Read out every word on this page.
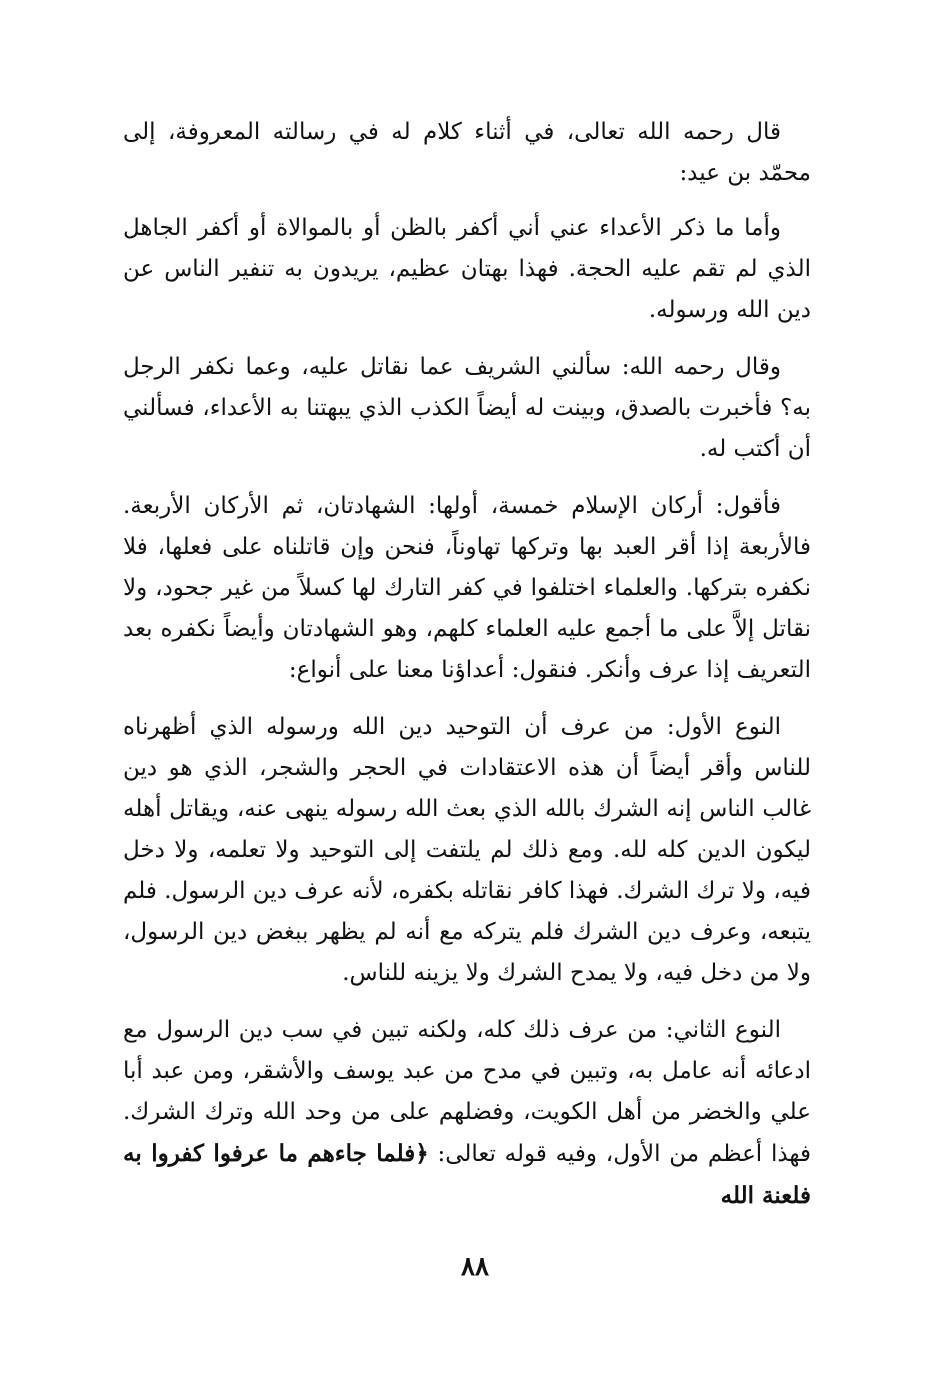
قال رحمه الله تعالى، في أثناء كلام له في رسالته المعروفة، إلى محمّد بن عيد:

وأما ما ذكر الأعداء عني أني أكفر بالظن أو بالموالاة أو أكفر الجاهل الذي لم تقم عليه الحجة. فهذا بهتان عظيم، يريدون به تنفير الناس عن دين الله ورسوله.

وقال رحمه الله: سألني الشريف عما نقاتل عليه، وعما نكفر الرجل به؟ فأخبرت بالصدق، وبينت له أيضاً الكذب الذي يبهتنا به الأعداء، فسألني أن أكتب له.

فأقول: أركان الإسلام خمسة، أولها: الشهادتان، ثم الأركان الأربعة. فالأربعة إذا أقر العبد بها وتركها تهاوناً، فنحن وإن قاتلناه على فعلها، فلا نكفره بتركها. والعلماء اختلفوا في كفر التارك لها كسلاً من غير جحود، ولا نقاتل إلاَّ على ما أجمع عليه العلماء كلهم، وهو الشهادتان وأيضاً نكفره بعد التعريف إذا عرف وأنكر. فنقول: أعداؤنا معنا على أنواع:

النوع الأول: من عرف أن التوحيد دين الله ورسوله الذي أظهرناه للناس وأقر أيضاً أن هذه الاعتقادات في الحجر والشجر، الذي هو دين غالب الناس إنه الشرك بالله الذي بعث الله رسوله ينهى عنه، ويقاتل أهله ليكون الدين كله لله. ومع ذلك لم يلتفت إلى التوحيد ولا تعلمه، ولا دخل فيه، ولا ترك الشرك. فهذا كافر نقاتله بكفره، لأنه عرف دين الرسول. فلم يتبعه، وعرف دين الشرك فلم يتركه مع أنه لم يظهر ببغض دين الرسول، ولا من دخل فيه، ولا يمدح الشرك ولا يزينه للناس.

النوع الثاني: من عرف ذلك كله، ولكنه تبين في سب دين الرسول مع ادعائه أنه عامل به، وتبين في مدح من عبد يوسف والأشقر، ومن عبد أبا علي والخضر من أهل الكويت، وفضلهم على من وحد الله وترك الشرك. فهذا أعظم من الأول، وفيه قوله تعالى: ﴿فلما جاءهم ما عرفوا كفروا به فلعنة الله

٨٨
